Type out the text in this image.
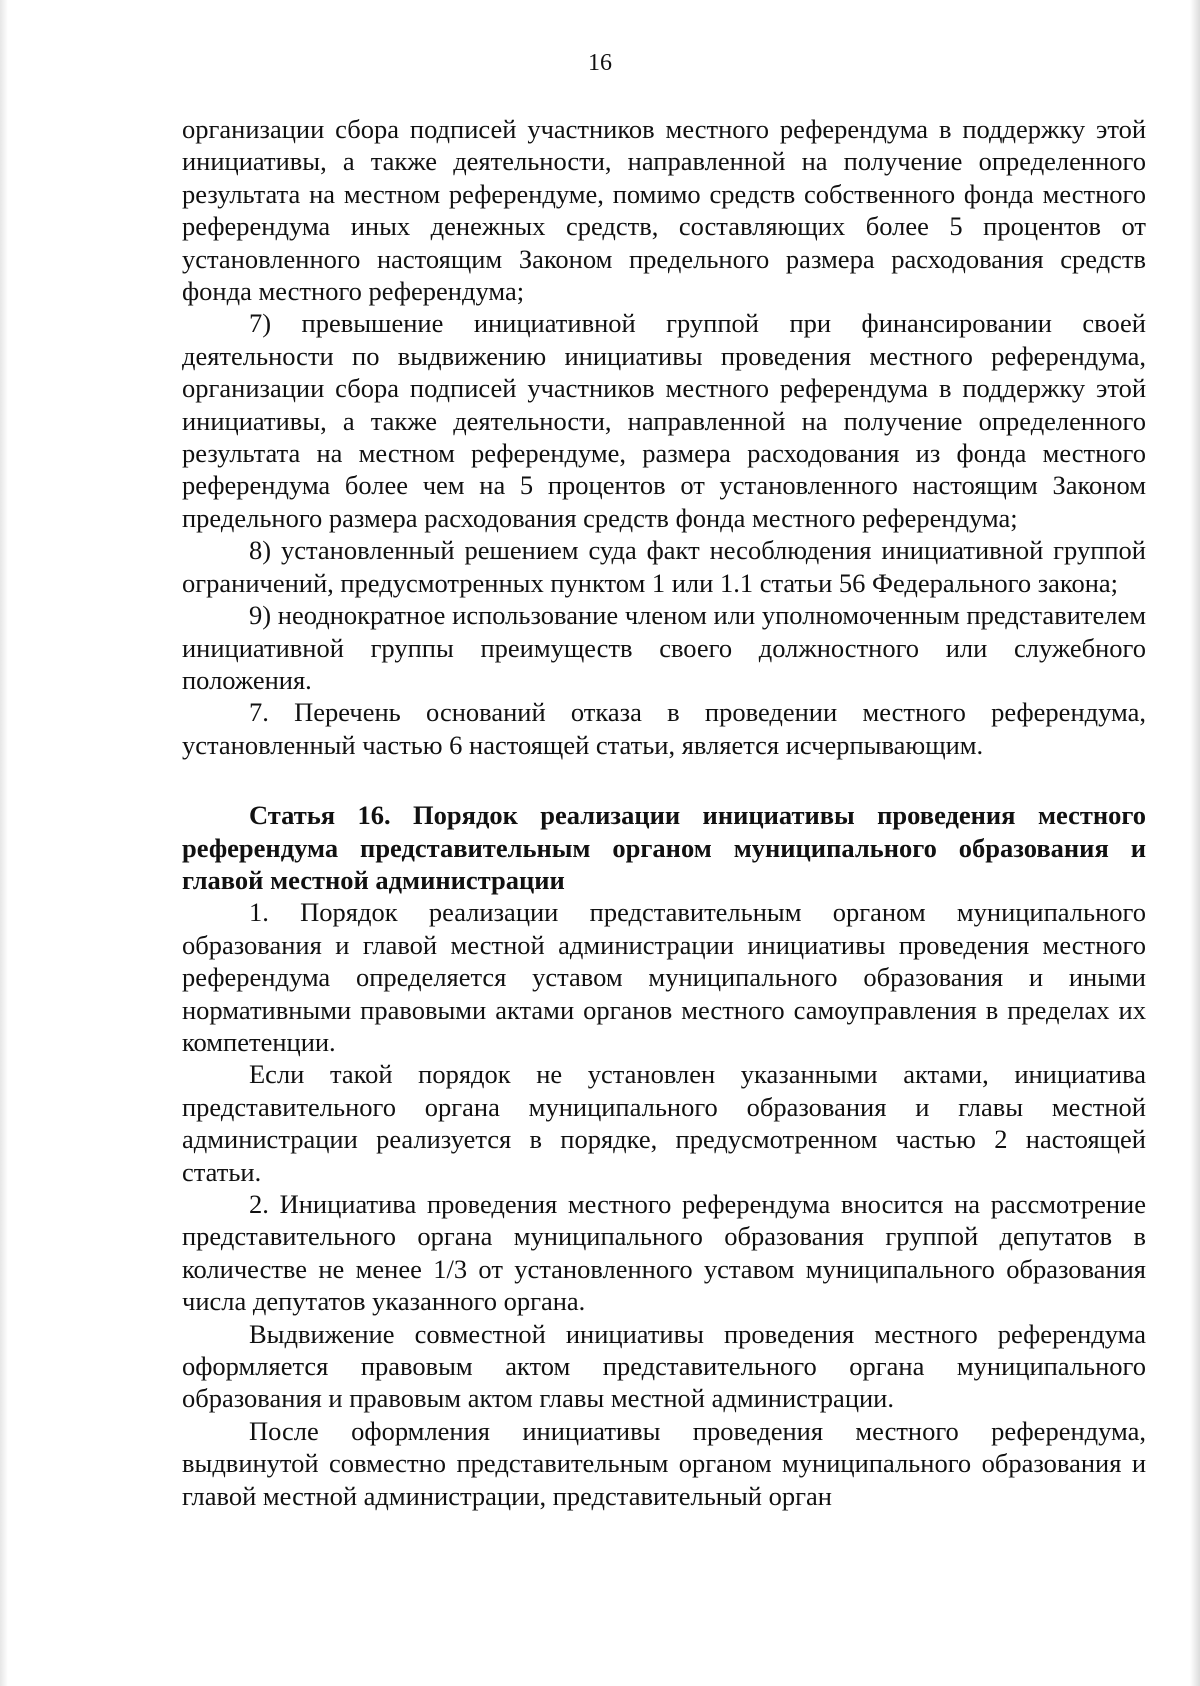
16

организации сбора подписей участников местного референдума в поддержку этой инициативы, а также деятельности, направленной на получение определенного результата на местном референдуме, помимо средств собственного фонда местного референдума иных денежных средств, составляющих более 5 процентов от установленного настоящим Законом предельного размера расходования средств фонда местного референдума;

7) превышение инициативной группой при финансировании своей деятельности по выдвижению инициативы проведения местного референдума, организации сбора подписей участников местного референдума в поддержку этой инициативы, а также деятельности, направленной на получение определенного результата на местном референдуме, размера расходования из фонда местного референдума более чем на 5 процентов от установленного настоящим Законом предельного размера расходования средств фонда местного референдума;

8) установленный решением суда факт несоблюдения инициативной группой ограничений, предусмотренных пунктом 1 или 1.1 статьи 56 Федерального закона;

9) неоднократное использование членом или уполномоченным представителем инициативной группы преимуществ своего должностного или служебного положения.

7. Перечень оснований отказа в проведении местного референдума, установленный частью 6 настоящей статьи, является исчерпывающим.

Статья 16. Порядок реализации инициативы проведения местного референдума представительным органом муниципального образования и главой местной администрации

1. Порядок реализации представительным органом муниципального образования и главой местной администрации инициативы проведения местного референдума определяется уставом муниципального образования и иными нормативными правовыми актами органов местного самоуправления в пределах их компетенции.

Если такой порядок не установлен указанными актами, инициатива представительного органа муниципального образования и главы местной администрации реализуется в порядке, предусмотренном частью 2 настоящей статьи.

2. Инициатива проведения местного референдума вносится на рассмотрение представительного органа муниципального образования группой депутатов в количестве не менее 1/3 от установленного уставом муниципального образования числа депутатов указанного органа.

Выдвижение совместной инициативы проведения местного референдума оформляется правовым актом представительного органа муниципального образования и правовым актом главы местной администрации.

После оформления инициативы проведения местного референдума, выдвинутой совместно представительным органом муниципального образования и главой местной администрации, представительный орган
